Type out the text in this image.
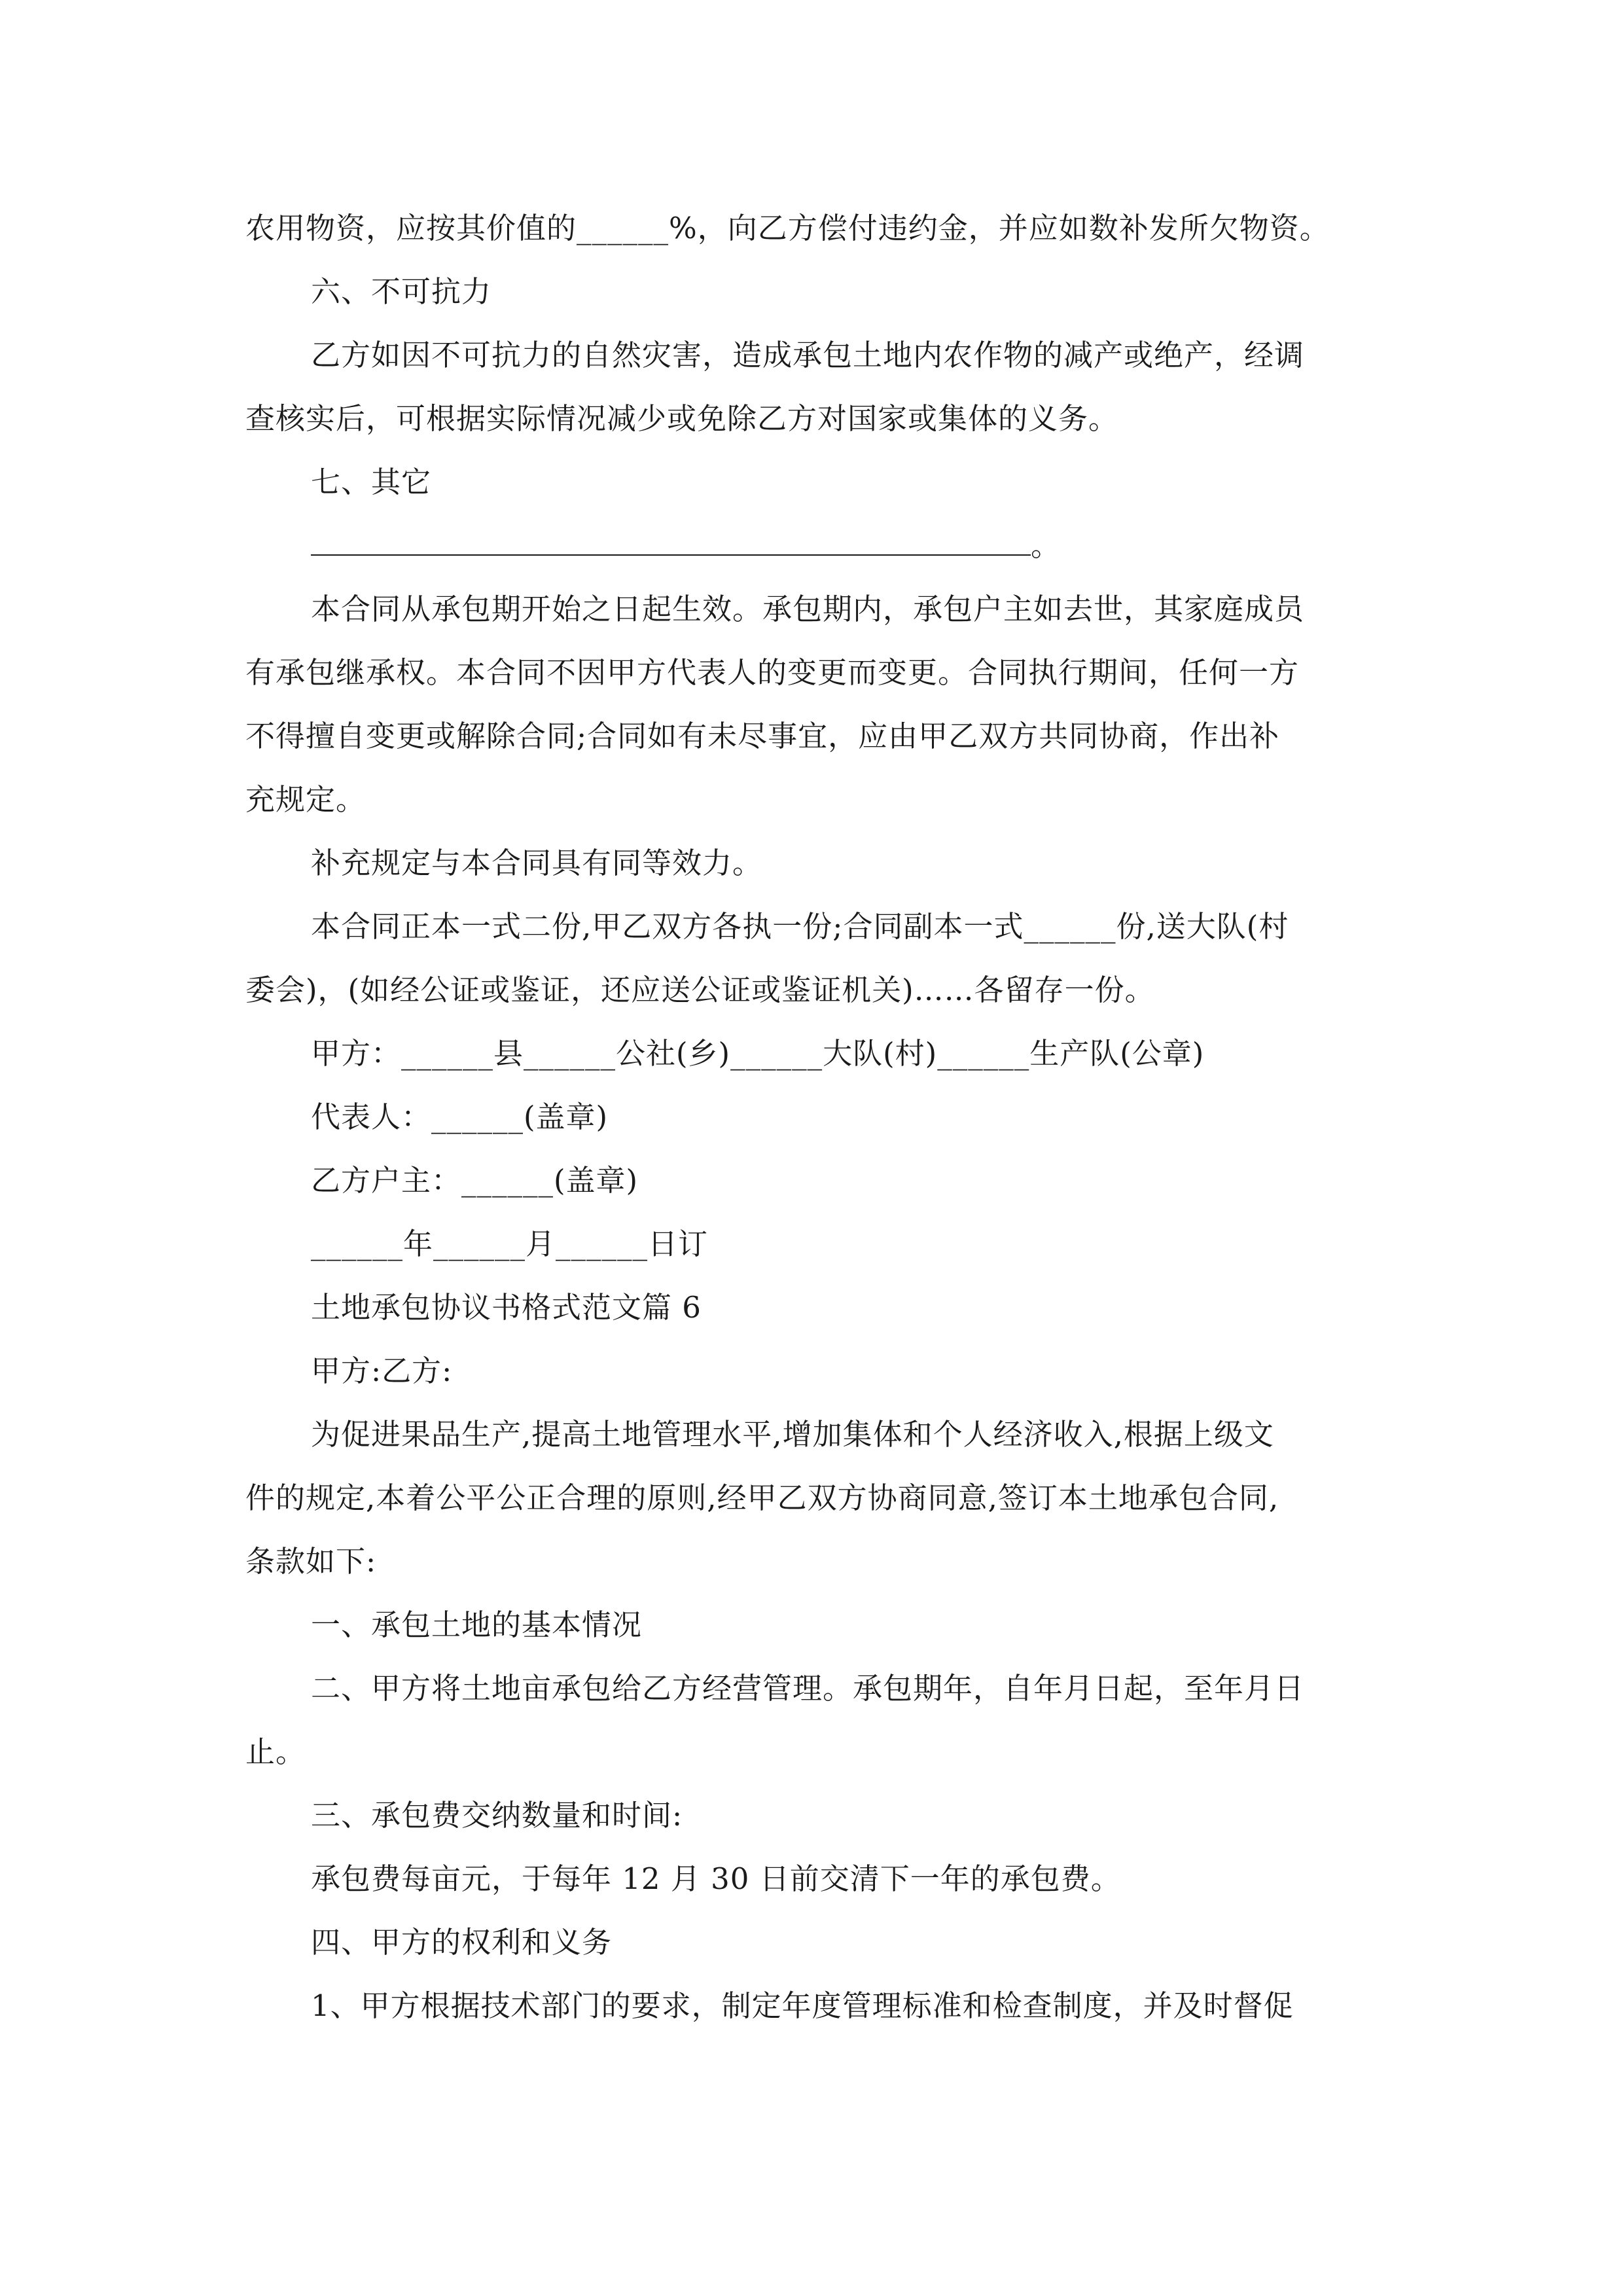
农用物资，应按其价值的______%，向乙方偿付违约金，并应如数补发所欠物资。
六、不可抗力
乙方如因不可抗力的自然灾害，造成承包土地内农作物的减产或绝产，经调
查核实后，可根据实际情况减少或免除乙方对国家或集体的义务。
七、其它
。
本合同从承包期开始之日起生效。承包期内，承包户主如去世，其家庭成员
有承包继承权。本合同不因甲方代表人的变更而变更。合同执行期间，任何一方
不得擅自变更或解除合同;合同如有未尽事宜，应由甲乙双方共同协商，作出补
充规定。
补充规定与本合同具有同等效力。
本合同正本一式二份,甲乙双方各执一份;合同副本一式______份,送大队(村
委会)，(如经公证或鉴证，还应送公证或鉴证机关)……各留存一份。
甲方：______县______公社(乡)______大队(村)______生产队(公章)
代表人：______(盖章)
乙方户主：______(盖章)
______年______月______日订
土地承包协议书格式范文篇 6
甲方:乙方:
为促进果品生产,提高土地管理水平,增加集体和个人经济收入,根据上级文
件的规定,本着公平公正合理的原则,经甲乙双方协商同意,签订本土地承包合同,
条款如下:
一、承包土地的基本情况
二、甲方将土地亩承包给乙方经营管理。承包期年，自年月日起，至年月日
止。
三、承包费交纳数量和时间:
承包费每亩元，于每年 12 月 30 日前交清下一年的承包费。
四、甲方的权利和义务
1、甲方根据技术部门的要求，制定年度管理标准和检查制度，并及时督促
